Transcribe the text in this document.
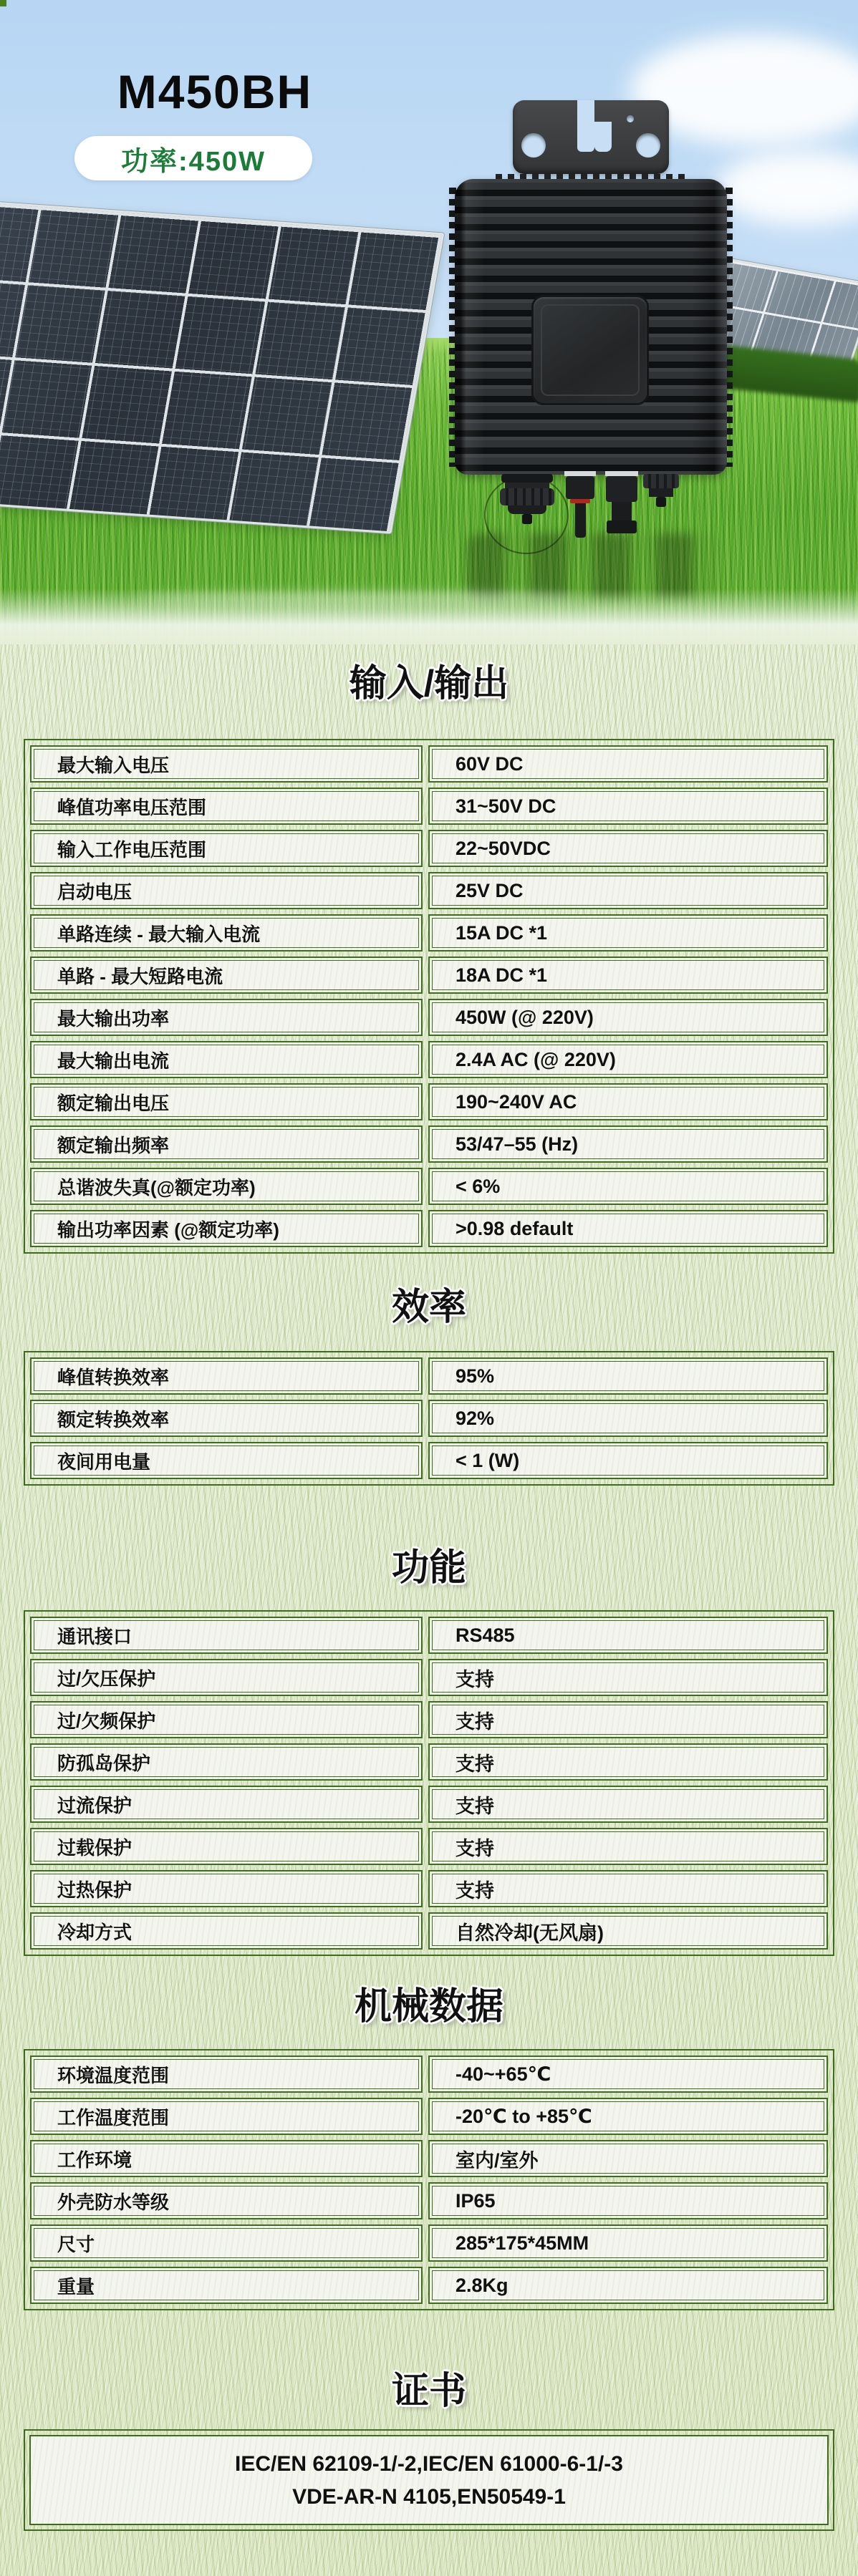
M450BH
功率:450W
输入/输出
最大输入电压	60V DC
峰值功率电压范围	31~50V DC
输入工作电压范围	22~50VDC
启动电压	25V DC
单路连续 - 最大输入电流	15A DC *1
单路 - 最大短路电流	18A DC *1
最大输出功率	450W (@ 220V)
最大输出电流	2.4A AC (@ 220V)
额定输出电压	190~240V AC
额定输出频率	53/47–55 (Hz)
总谐波失真(@额定功率)	< 6%
输出功率因素 (@额定功率)	>0.98 default
效率
峰值转换效率	95%
额定转换效率	92%
夜间用电量	< 1 (W)
功能
通讯接口	RS485
过/欠压保护	支持
过/欠频保护	支持
防孤岛保护	支持
过流保护	支持
过载保护	支持
过热保护	支持
冷却方式	自然冷却(无风扇)
机械数据
环境温度范围	-40~+65℃
工作温度范围	-20℃ to +85℃
工作环境	室内/室外
外壳防水等级	IP65
尺寸	285*175*45MM
重量	2.8Kg
证书
IEC/EN 62109-1/-2,IEC/EN 61000-6-1/-3
VDE-AR-N 4105,EN50549-1
